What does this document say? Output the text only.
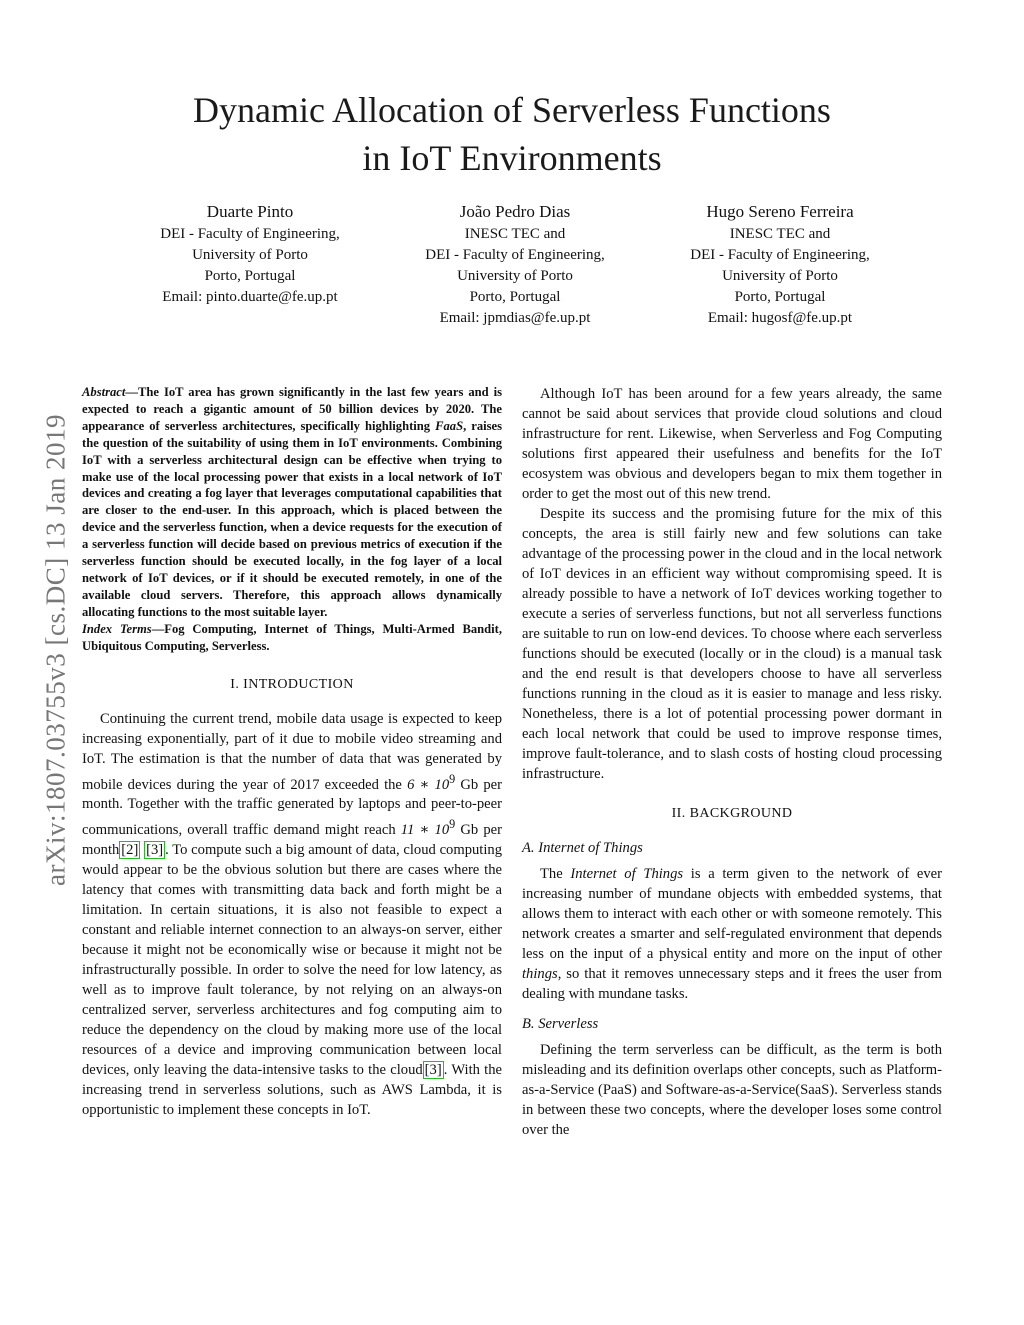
Dynamic Allocation of Serverless Functions
in IoT Environments
Duarte Pinto
DEI - Faculty of Engineering,
University of Porto
Porto, Portugal
Email: pinto.duarte@fe.up.pt
João Pedro Dias
INESC TEC and
DEI - Faculty of Engineering,
University of Porto
Porto, Portugal
Email: jpmdias@fe.up.pt
Hugo Sereno Ferreira
INESC TEC and
DEI - Faculty of Engineering,
University of Porto
Porto, Portugal
Email: hugosf@fe.up.pt
arXiv:1807.03755v3 [cs.DC] 13 Jan 2019

Abstract—The IoT area has grown significantly in the last few years and is expected to reach a gigantic amount of 50 billion devices by 2020. The appearance of serverless architectures, specifically highlighting FaaS, raises the question of the suitability of using them in IoT environments. Combining IoT with a serverless architectural design can be effective when trying to make use of the local processing power that exists in a local network of IoT devices and creating a fog layer that leverages computational capabilities that are closer to the end-user. In this approach, which is placed between the device and the serverless function, when a device requests for the execution of a serverless function will decide based on previous metrics of execution if the serverless function should be executed locally, in the fog layer of a local network of IoT devices, or if it should be executed remotely, in one of the available cloud servers. Therefore, this approach allows dynamically allocating functions to the most suitable layer.

Index Terms—Fog Computing, Internet of Things, Multi-Armed Bandit, Ubiquitous Computing, Serverless.

I. INTRODUCTION

Continuing the current trend, mobile data usage is expected to keep increasing exponentially, part of it due to mobile video streaming and IoT. The estimation is that the number of data that was generated by mobile devices during the year of 2017 exceeded the 6 ∗ $10^9$ Gb per month. Together with the traffic generated by laptops and peer-to-peer communications, overall traffic demand might reach 11 ∗ $10^9$ Gb per month [2] [3] . To compute such a big amount of data, cloud computing would appear to be the obvious solution but there are cases where the latency that comes with transmitting data back and forth might be a limitation. In certain situations, it is also not feasible to expect a constant and reliable internet connection to an always-on server, either because it might not be economically wise or because it might not be infrastructurally possible. In order to solve the need for low latency, as well as to improve fault tolerance, by not relying on an always-on centralized server, serverless architectures and fog computing aim to reduce the dependency on the cloud by making more use of the local resources of a device and improving communication between local devices, only leaving the data-intensive tasks to the cloud [3] . With the increasing trend in serverless solutions, such as AWS Lambda, it is opportunistic to implement these concepts in IoT.

Although IoT has been around for a few years already, the same cannot be said about services that provide cloud solutions and cloud infrastructure for rent. Likewise, when Serverless and Fog Computing solutions first appeared their usefulness and benefits for the IoT ecosystem was obvious and developers began to mix them together in order to get the most out of this new trend.

Despite its success and the promising future for the mix of this concepts, the area is still fairly new and few solutions can take advantage of the processing power in the cloud and in the local network of IoT devices in an efficient way without compromising speed. It is already possible to have a network of IoT devices working together to execute a series of serverless functions, but not all serverless functions are suitable to run on low-end devices. To choose where each serverless functions should be executed (locally or in the cloud) is a manual task and the end result is that developers choose to have all serverless functions running in the cloud as it is easier to manage and less risky. Nonetheless, there is a lot of potential processing power dormant in each local network that could be used to improve response times, improve fault-tolerance, and to slash costs of hosting cloud processing infrastructure.

II. BACKGROUND
A. Internet of Things

The Internet of Things is a term given to the network of ever increasing number of mundane objects with embedded systems, that allows them to interact with each other or with someone remotely. This network creates a smarter and self-regulated environment that depends less on the input of a physical entity and more on the input of other things, so that it removes unnecessary steps and it frees the user from dealing with mundane tasks.

B. Serverless

Defining the term serverless can be difficult, as the term is both misleading and its definition overlaps other concepts, such as Platform-as-a-Service (PaaS) and Software-as-a-Service(SaaS). Serverless stands in between these two concepts, where the developer loses some control over the
